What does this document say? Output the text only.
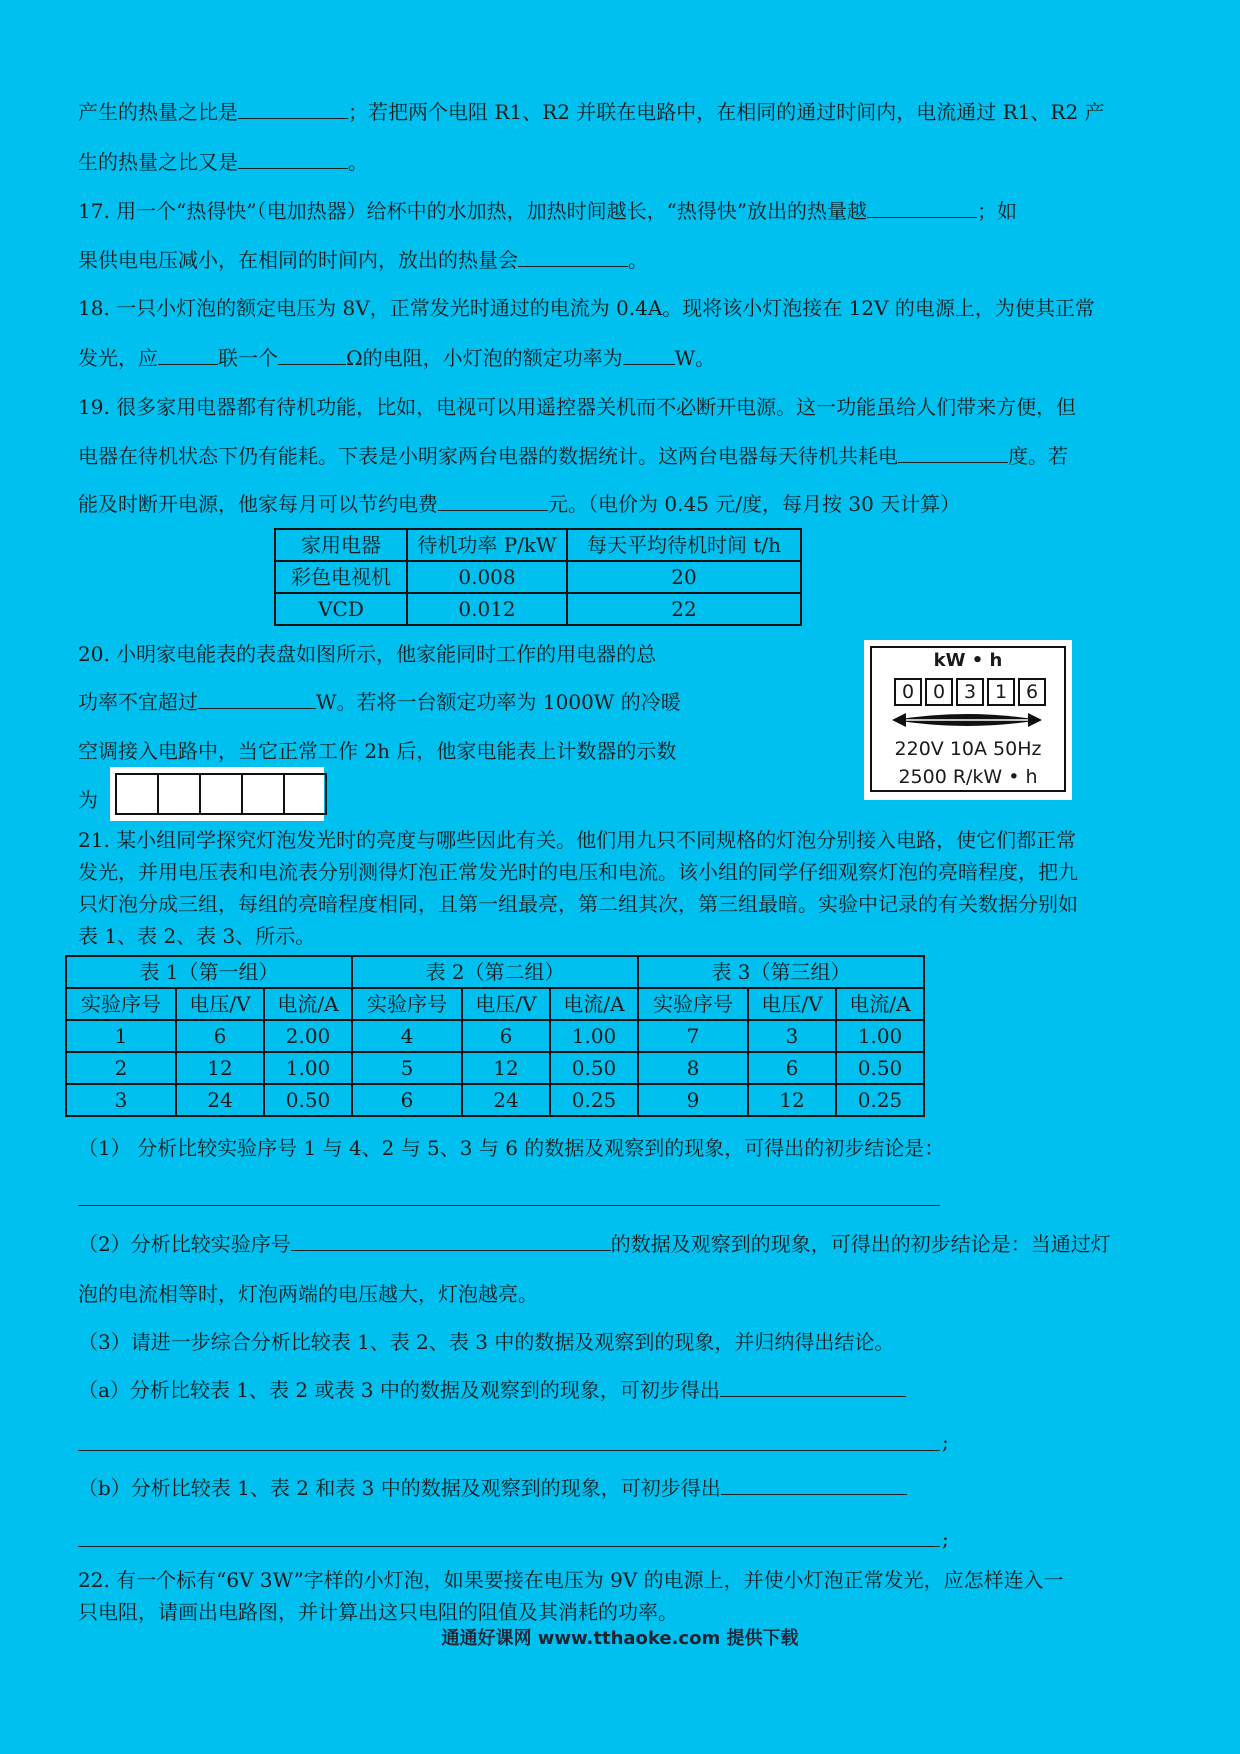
产生的热量之比是	；若把两个电阻 R1、R2 并联在电路中，在相同的通过时间内，电流通过 R1、R2 产
生的热量之比又是	。
17. 用一个“热得快”（电加热器）给杯中的水加热，加热时间越长，“热得快”放出的热量越	；如
果供电电压减小，在相同的时间内，放出的热量会	。
18. 一只小灯泡的额定电压为 8V，正常发光时通过的电流为 0.4A。现将该小灯泡接在 12V 的电源上，为使其正常
发光，应	联一个	Ω的电阻，小灯泡的额定功率为	W。
19. 很多家用电器都有待机功能，比如，电视可以用遥控器关机而不必断开电源。这一功能虽给人们带来方便，但
电器在待机状态下仍有能耗。下表是小明家两台电器的数据统计。这两台电器每天待机共耗电	度。若
能及时断开电源，他家每月可以节约电费	元。（电价为 0.45 元/度，每月按 30 天计算）
家用电器	待机功率 P/kW	每天平均待机时间 t/h
彩色电视机	0.008	20
VCD	0.012	22
20. 小明家电能表的表盘如图所示，他家能同时工作的用电器的总
功率不宜超过	W。若将一台额定功率为 1000W 的冷暖
空调接入电路中，当它正常工作 2h 后，他家电能表上计数器的示数
为
kW • h
0 0 3 1 6
220V 10A 50Hz
2500 R/kW • h
21. 某小组同学探究灯泡发光时的亮度与哪些因此有关。他们用九只不同规格的灯泡分别接入电路，使它们都正常
发光，并用电压表和电流表分别测得灯泡正常发光时的电压和电流。该小组的同学仔细观察灯泡的亮暗程度，把九
只灯泡分成三组，每组的亮暗程度相同，且第一组最亮，第二组其次，第三组最暗。实验中记录的有关数据分别如
表 1、表 2、表 3、所示。
表 1（第一组）			表 2（第二组）			表 3（第三组）		
实验序号	电压/V	电流/A	实验序号	电压/V	电流/A	实验序号	电压/V	电流/A
1	6	2.00	4	6	1.00	7	3	1.00
2	12	1.00	5	12	0.50	8	6	0.50
3	24	0.50	6	24	0.25	9	12	0.25
（1） 分析比较实验序号 1 与 4、2 与 5、3 与 6 的数据及观察到的现象，可得出的初步结论是：
（2）分析比较实验序号	的数据及观察到的现象，可得出的初步结论是：当通过灯
泡的电流相等时，灯泡两端的电压越大，灯泡越亮。
（3）请进一步综合分析比较表 1、表 2、表 3 中的数据及观察到的现象，并归纳得出结论。
（a）分析比较表 1、表 2 或表 3 中的数据及观察到的现象，可初步得出
;
（b）分析比较表 1、表 2 和表 3 中的数据及观察到的现象，可初步得出
;
22. 有一个标有“6V 3W”字样的小灯泡，如果要接在电压为 9V 的电源上，并使小灯泡正常发光，应怎样连入一
只电阻，请画出电路图，并计算出这只电阻的阻值及其消耗的功率。
通通好课网 www.tthaoke.com 提供下载
